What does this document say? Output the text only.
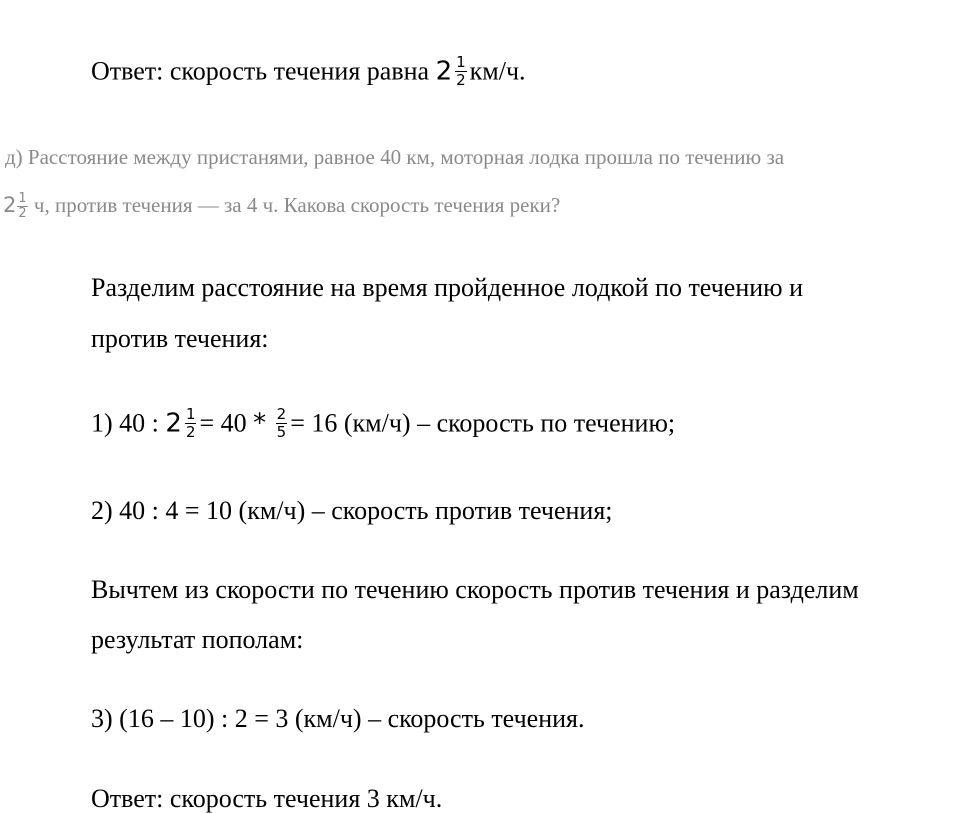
Ответ: скорость течения равна $2 \frac{1}{2} км/ч$.
д) Расстояние между пристанями, равное 40 км, моторная лодка прошла по течению за
$2 \frac{1}{2} ч$, против течения — за 4 ч. Какова скорость течения реки?
Разделим расстояние на время пройденное лодкой по течению и
против течения:
1) 40 : $2 \frac{1}{2} = 40 * \frac{2}{5} = 16$ (км/ч) – скорость по течению;
2) 40 : 4 = 10 (км/ч) – скорость против течения;
Вычтем из скорости по течению скорость против течения и разделим
результат пополам:
3) (16 – 10) : 2 = 3 (км/ч) – скорость течения.
Ответ: скорость течения 3 км/ч.
